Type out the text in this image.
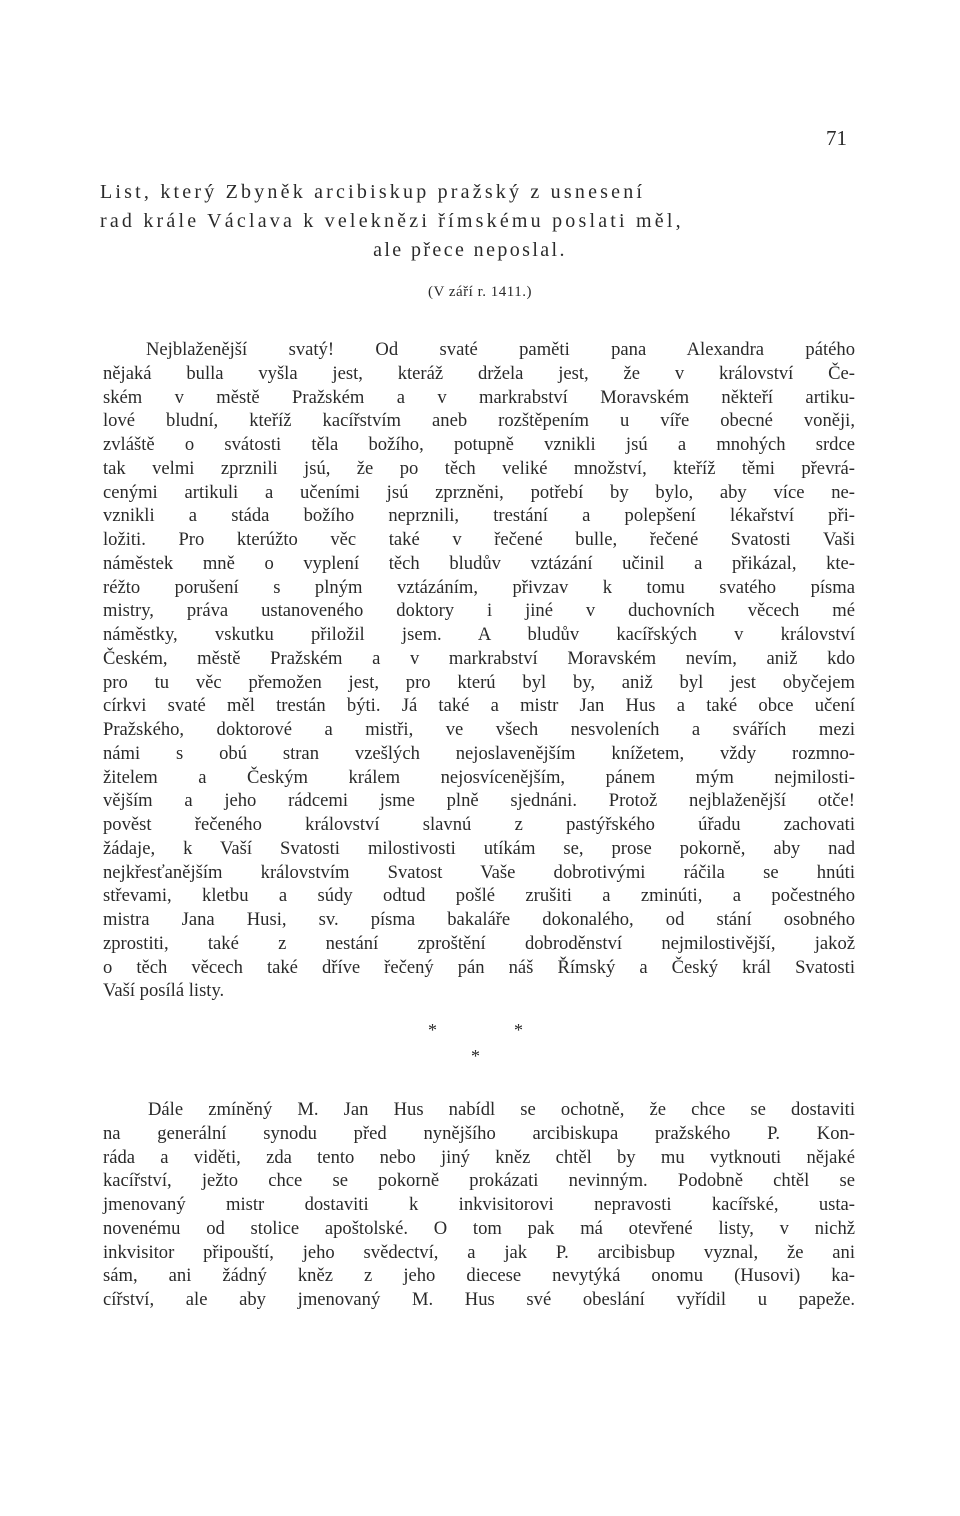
71
List, který Zbyněk arcibiskup pražský z usnesení
rad krále Václava k veleknězi římskému poslati měl,
ale přece neposlal.
(V září r. 1411.)
Nejblaženější svatý! Od svaté paměti pana Alexandra pátého
nějaká bulla vyšla jest, kteráž držela jest, že v království Če-
ském v městě Pražském a v markrabství Moravském někteří artiku-
lové bludní, kteříž kacířstvím aneb rozštěpením u víře obecné voněji,
zvláště o svátosti těla božího, potupně vznikli jsú a mnohých srdce
tak velmi zprznili jsú, že po těch veliké množství, kteříž těmi převrá-
cenými artikuli a učeními jsú zprzněni, potřebí by bylo, aby více ne-
vznikli a stáda božího neprznili, trestání a polepšení lékařství při-
ložiti. Pro kterúžto věc také v řečené bulle, řečené Svatosti Vaši
náměstek mně o vyplení těch bludův vztázání učinil a přikázal, kte-
réžto porušení s plným vztázáním, přivzav k tomu svatého písma
mistry, práva ustanoveného doktory i jiné v duchovních věcech mé
náměstky, vskutku přiložil jsem. A bludův kacířských v království
Českém, městě Pražském a v markrabství Moravském nevím, aniž kdo
pro tu věc přemožen jest, pro kterú byl by, aniž byl jest obyčejem
církvi svaté měl trestán býti. Já také a mistr Jan Hus a také obce učení
Pražského, doktorové a mistři, ve všech nesvoleních a svářích mezi
námi s obú stran vzešlých nejoslavenějším knížetem, vždy rozmno-
žitelem a Českým králem nejosvícenějším, pánem mým nejmilosti-
vějším a jeho rádcemi jsme plně sjednáni. Protož nejblaženější otče!
pověst řečeného království slavnú z pastýřského úřadu zachovati
žádaje, k Vaší Svatosti milostivosti utíkám se, prose pokorně, aby nad
nejkřesťanějším královstvím Svatost Vaše dobrotivými ráčila se hnúti
střevami, kletbu a súdy odtud pošlé zrušiti a zminúti, a počestného
mistra Jana Husi, sv. písma bakaláře dokonalého, od stání osobného
zprostiti, také z nestání zproštění dobroděnství nejmilostivější, jakož
o těch věcech také dříve řečený pán náš Římský a Český král Svatosti
Vaší posílá listy.
*	*
*
Dále zmíněný M. Jan Hus nabídl se ochotně, že chce se dostaviti
na generální synodu před nynějšího arcibiskupa pražského P. Kon-
ráda a viděti, zda tento nebo jiný kněz chtěl by mu vytknouti nějaké
kacířství, ježto chce se pokorně prokázati nevinným. Podobně chtěl se
jmenovaný mistr dostaviti k inkvisitorovi nepravosti kacířské, usta-
novenému od stolice apoštolské. O tom pak má otevřené listy, v nichž
inkvisitor připouští, jeho svědectví, a jak P. arcibisbup vyznal, že ani
sám, ani žádný kněz z jeho diecese nevytýká onomu (Husovi) ka-
cířství, ale aby jmenovaný M. Hus své obeslání vyřídil u papeže.
